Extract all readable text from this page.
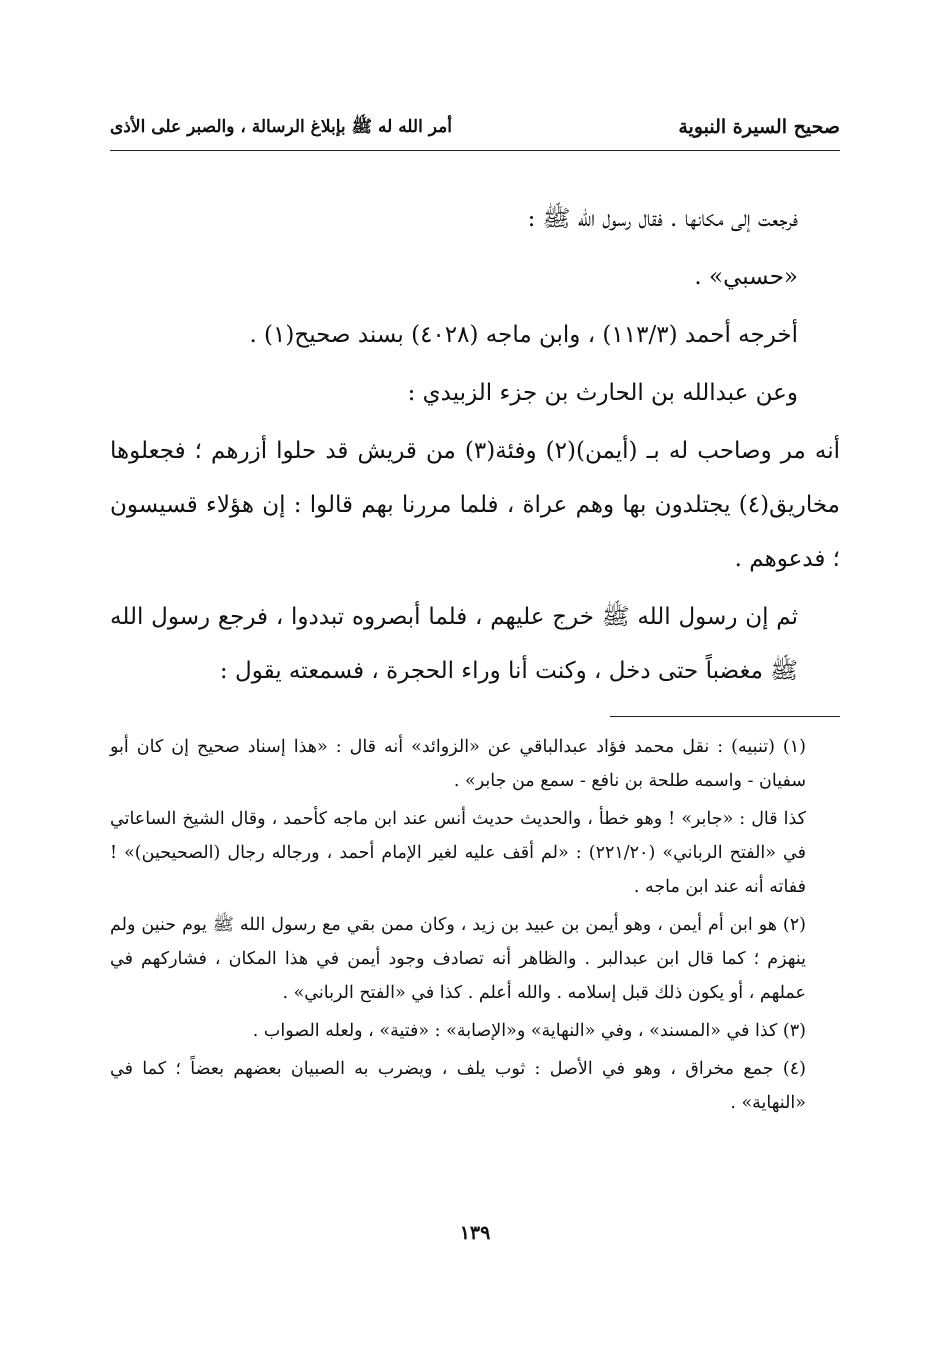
صحيح السيرة النبوية
أمر الله له ﷺ بإبلاغ الرسالة ، والصبر على الأذى

فرجعت إلى مكانها . فقال رسول الله ﷺ :

«حسبي» .

أخرجه أحمد (١١٣/٣) ، وابن ماجه (٤٠٢٨) بسند صحيح(١) .

وعن عبدالله بن الحارث بن جزء الزبيدي :

أنه مر وصاحب له بـ (أيمن)(٢) وفئة(٣) من قريش قد حلوا أزرهم ؛ فجعلوها مخاريق(٤) يجتلدون بها وهم عراة ، فلما مررنا بهم قالوا : إن هؤلاء قسيسون ؛ فدعوهم .

ثم إن رسول الله ﷺ خرج عليهم ، فلما أبصروه تبددوا ، فرجع رسول الله ﷺ مغضباً حتى دخل ، وكنت أنا وراء الحجرة ، فسمعته يقول :

(١) (تنبيه) : نقل محمد فؤاد عبدالباقي عن «الزوائد» أنه قال : «هذا إسناد صحيح إن كان أبو سفيان - واسمه طلحة بن نافع - سمع من جابر» .

كذا قال : «جابر» ! وهو خطأ ، والحديث حديث أنس عند ابن ماجه كأحمد ، وقال الشيخ الساعاتي في «الفتح الرباني» (٢٢١/٢٠) : «لم أقف عليه لغير الإمام أحمد ، ورجاله رجال (الصحيحين)» ! ففاته أنه عند ابن ماجه .

(٢) هو ابن أم أيمن ، وهو أيمن بن عبيد بن زيد ، وكان ممن بقي مع رسول الله ﷺ يوم حنين ولم ينهزم ؛ كما قال ابن عبدالبر . والظاهر أنه تصادف وجود أيمن في هذا المكان ، فشاركهم في عملهم ، أو يكون ذلك قبل إسلامه . والله أعلم . كذا في «الفتح الرباني» .

(٣) كذا في «المسند» ، وفي «النهاية» و«الإصابة» : «فتية» ، ولعله الصواب .

(٤) جمع مخراق ، وهو في الأصل : ثوب يلف ، ويضرب به الصبيان بعضهم بعضاً ؛ كما في «النهاية» .

١٣٩
